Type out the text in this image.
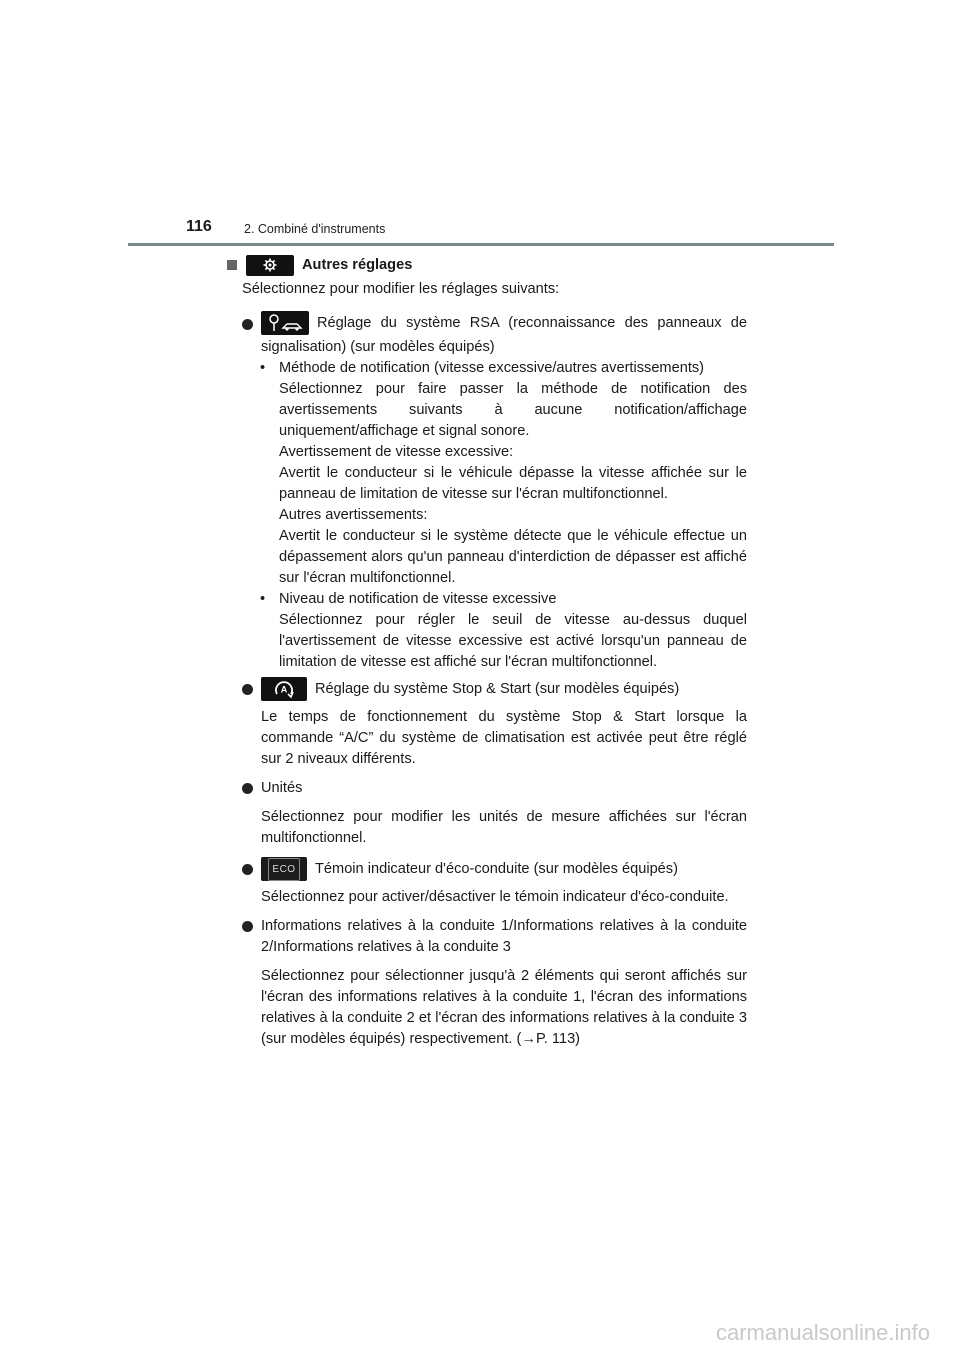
116	2. Combiné d'instruments
Autres réglages
Sélectionnez pour modifier les réglages suivants:
Réglage du système RSA (reconnaissance des panneaux de
signalisation) (sur modèles équipés)
• Méthode de notification (vitesse excessive/autres avertissements)
Sélectionnez pour faire passer la méthode de notification des avertissements suivants à aucune notification/affichage uniquement/affichage et signal sonore.
Avertissement de vitesse excessive:
Avertit le conducteur si le véhicule dépasse la vitesse affichée sur le panneau de limitation de vitesse sur l'écran multifonctionnel.
Autres avertissements:
Avertit le conducteur si le système détecte que le véhicule effectue un dépassement alors qu'un panneau d'interdiction de dépasser est affiché sur l'écran multifonctionnel.
• Niveau de notification de vitesse excessive
Sélectionnez pour régler le seuil de vitesse au-dessus duquel l'avertissement de vitesse excessive est activé lorsqu'un panneau de limitation de vitesse est affiché sur l'écran multifonctionnel.
A Réglage du système Stop & Start (sur modèles équipés)
Le temps de fonctionnement du système Stop & Start lorsque la commande “A/C” du système de climatisation est activée peut être réglé sur 2 niveaux différents.
Unités
Sélectionnez pour modifier les unités de mesure affichées sur l'écran multifonctionnel.
ECO Témoin indicateur d'éco-conduite (sur modèles équipés)
Sélectionnez pour activer/désactiver le témoin indicateur d'éco-conduite.
Informations relatives à la conduite 1/Informations relatives à la conduite 2/Informations relatives à la conduite 3
Sélectionnez pour sélectionner jusqu'à 2 éléments qui seront affichés sur l'écran des informations relatives à la conduite 1, l'écran des informations relatives à la conduite 2 et l'écran des informations relatives à la conduite 3 (sur modèles équipés) respectivement. (→P. 113)
carmanualsonline.info
